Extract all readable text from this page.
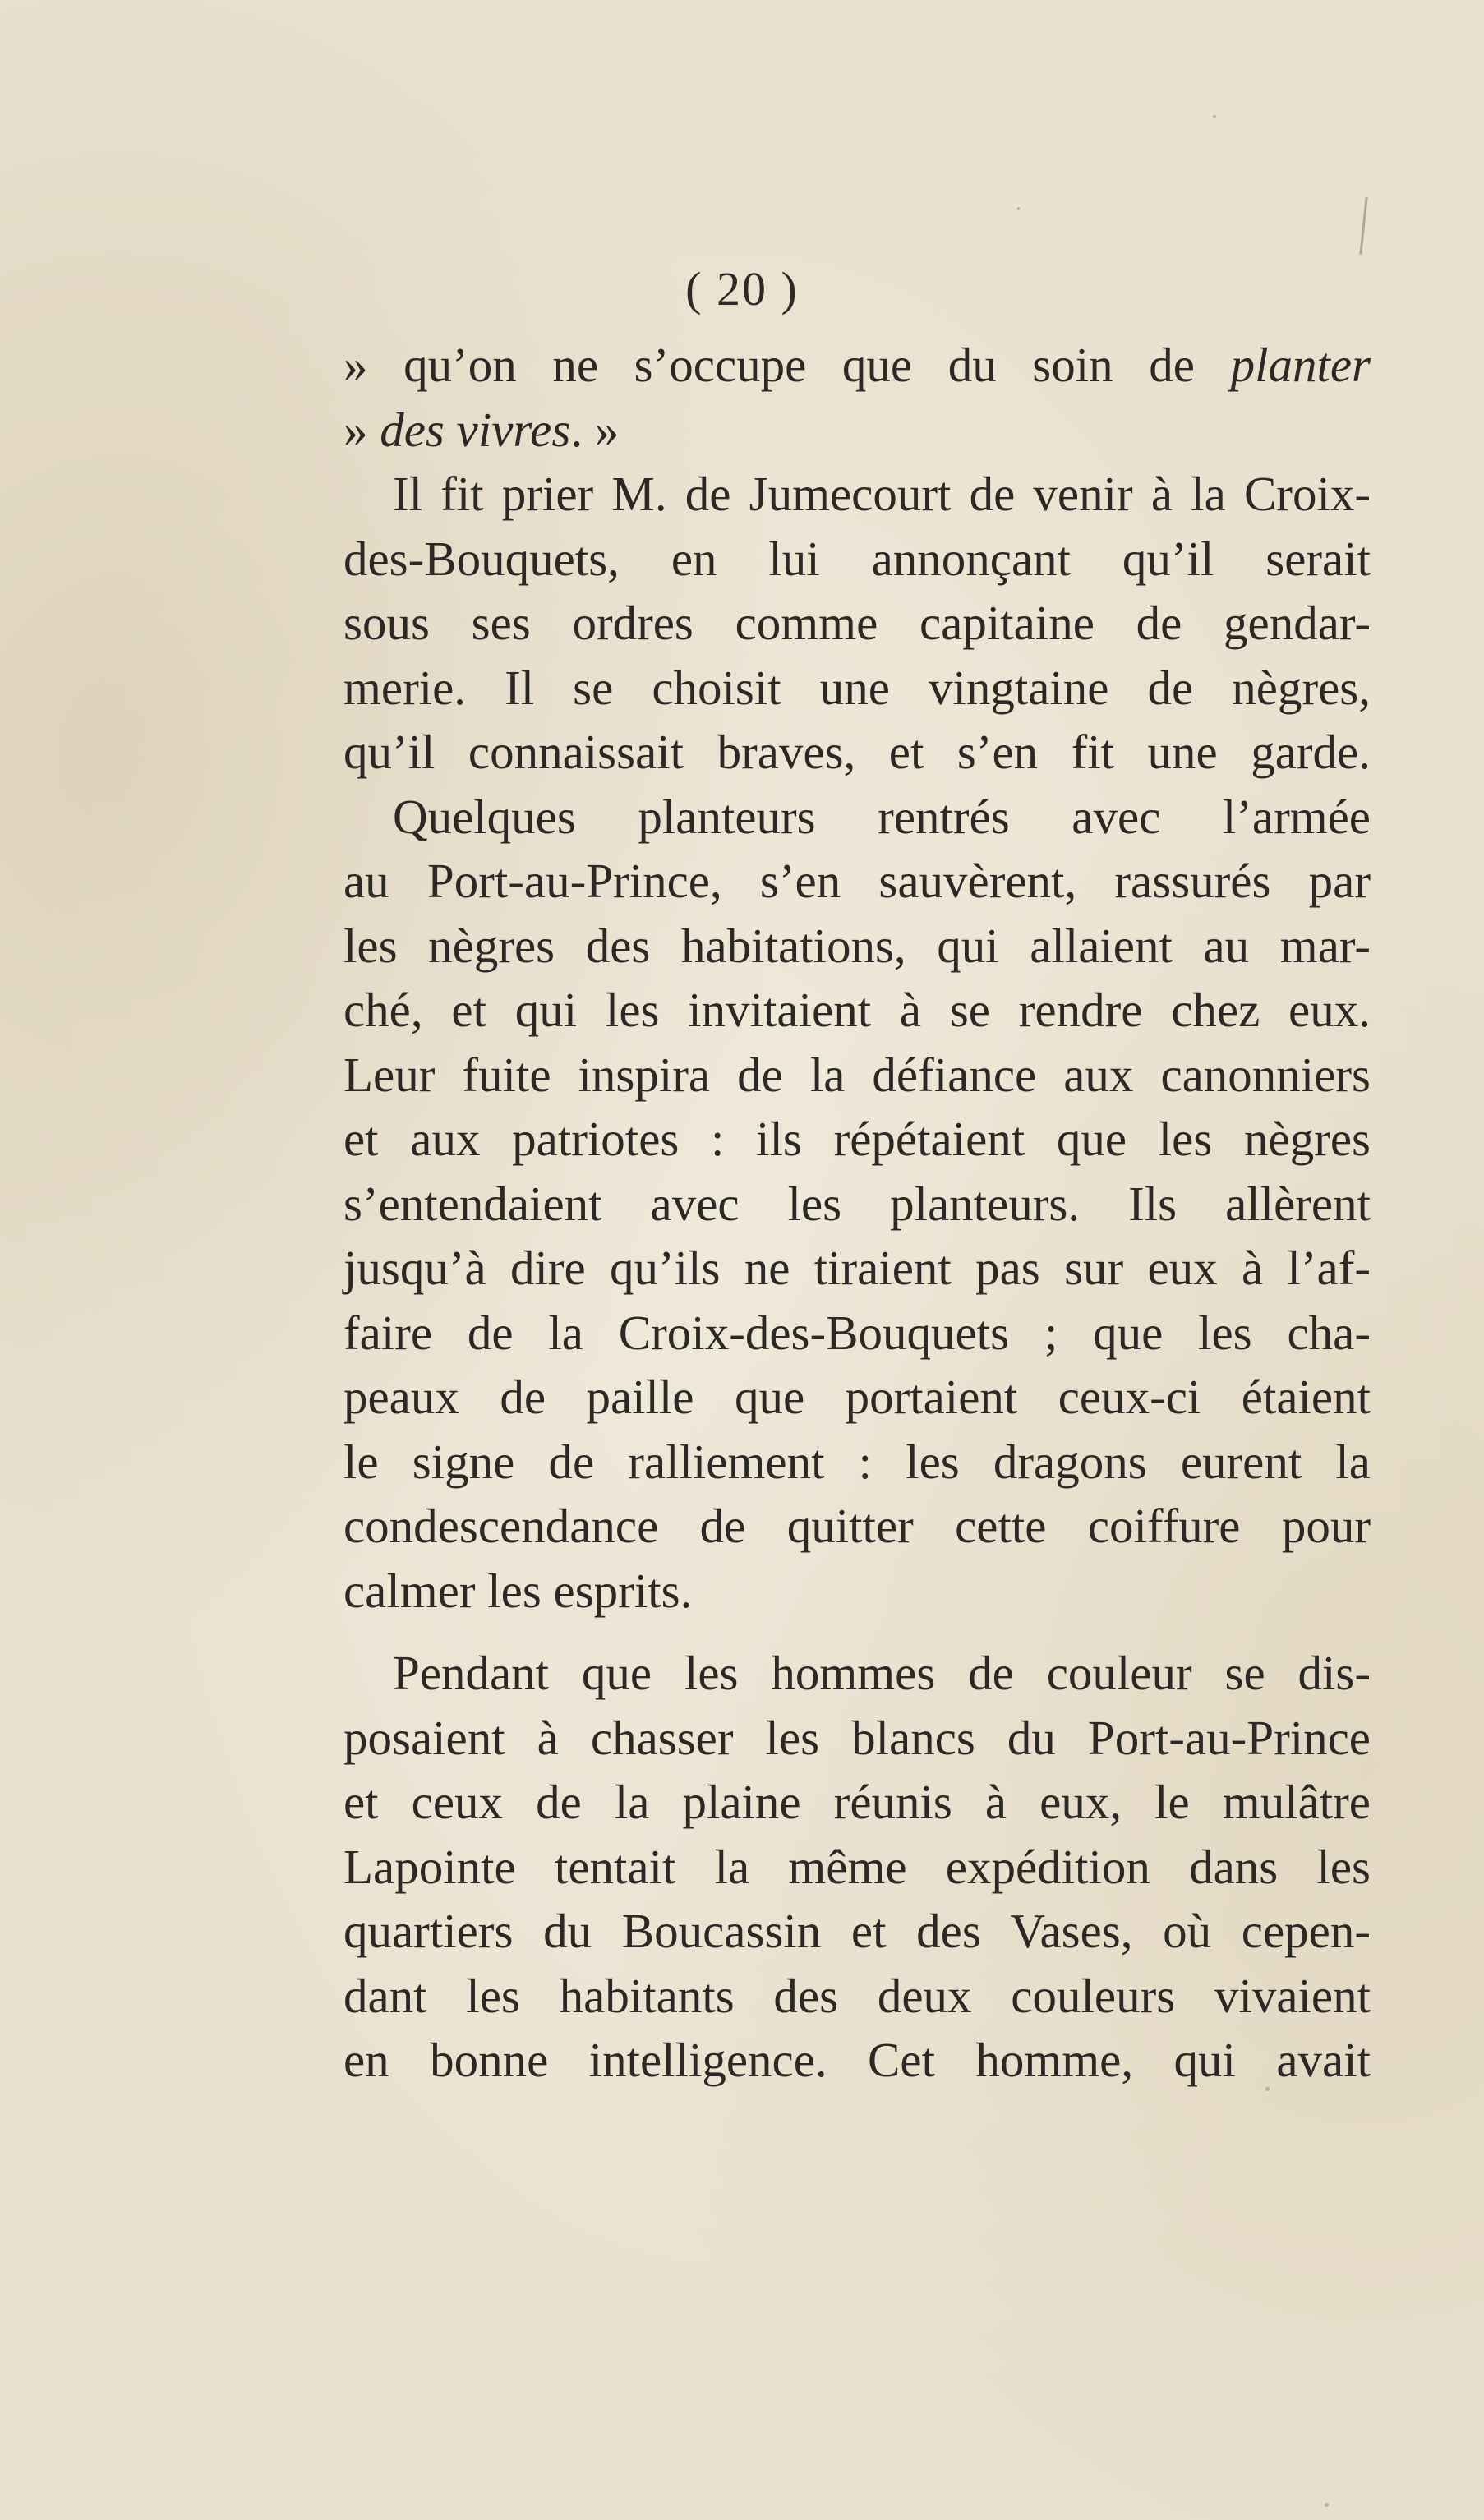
( 20 )
» qu’on ne s’occupe que du soin de planter
» des vivres. »
Il fit prier M. de Jumecourt de venir à la Croix-
des-Bouquets, en lui annonçant qu’il serait
sous ses ordres comme capitaine de gendar-
merie. Il se choisit une vingtaine de nègres,
qu’il connaissait braves, et s’en fit une garde.
Quelques planteurs rentrés avec l’armée
au Port-au-Prince, s’en sauvèrent, rassurés par
les nègres des habitations, qui allaient au mar-
ché, et qui les invitaient à se rendre chez eux.
Leur fuite inspira de la défiance aux canonniers
et aux patriotes : ils répétaient que les nègres
s’entendaient avec les planteurs. Ils allèrent
jusqu’à dire qu’ils ne tiraient pas sur eux à l’af-
faire de la Croix-des-Bouquets ; que les cha-
peaux de paille que portaient ceux-ci étaient
le signe de ralliement : les dragons eurent la
condescendance de quitter cette coiffure pour
calmer les esprits.
Pendant que les hommes de couleur se dis-
posaient à chasser les blancs du Port-au-Prince
et ceux de la plaine réunis à eux, le mulâtre
Lapointe tentait la même expédition dans les
quartiers du Boucassin et des Vases, où cepen-
dant les habitants des deux couleurs vivaient
en bonne intelligence. Cet homme, qui avait
